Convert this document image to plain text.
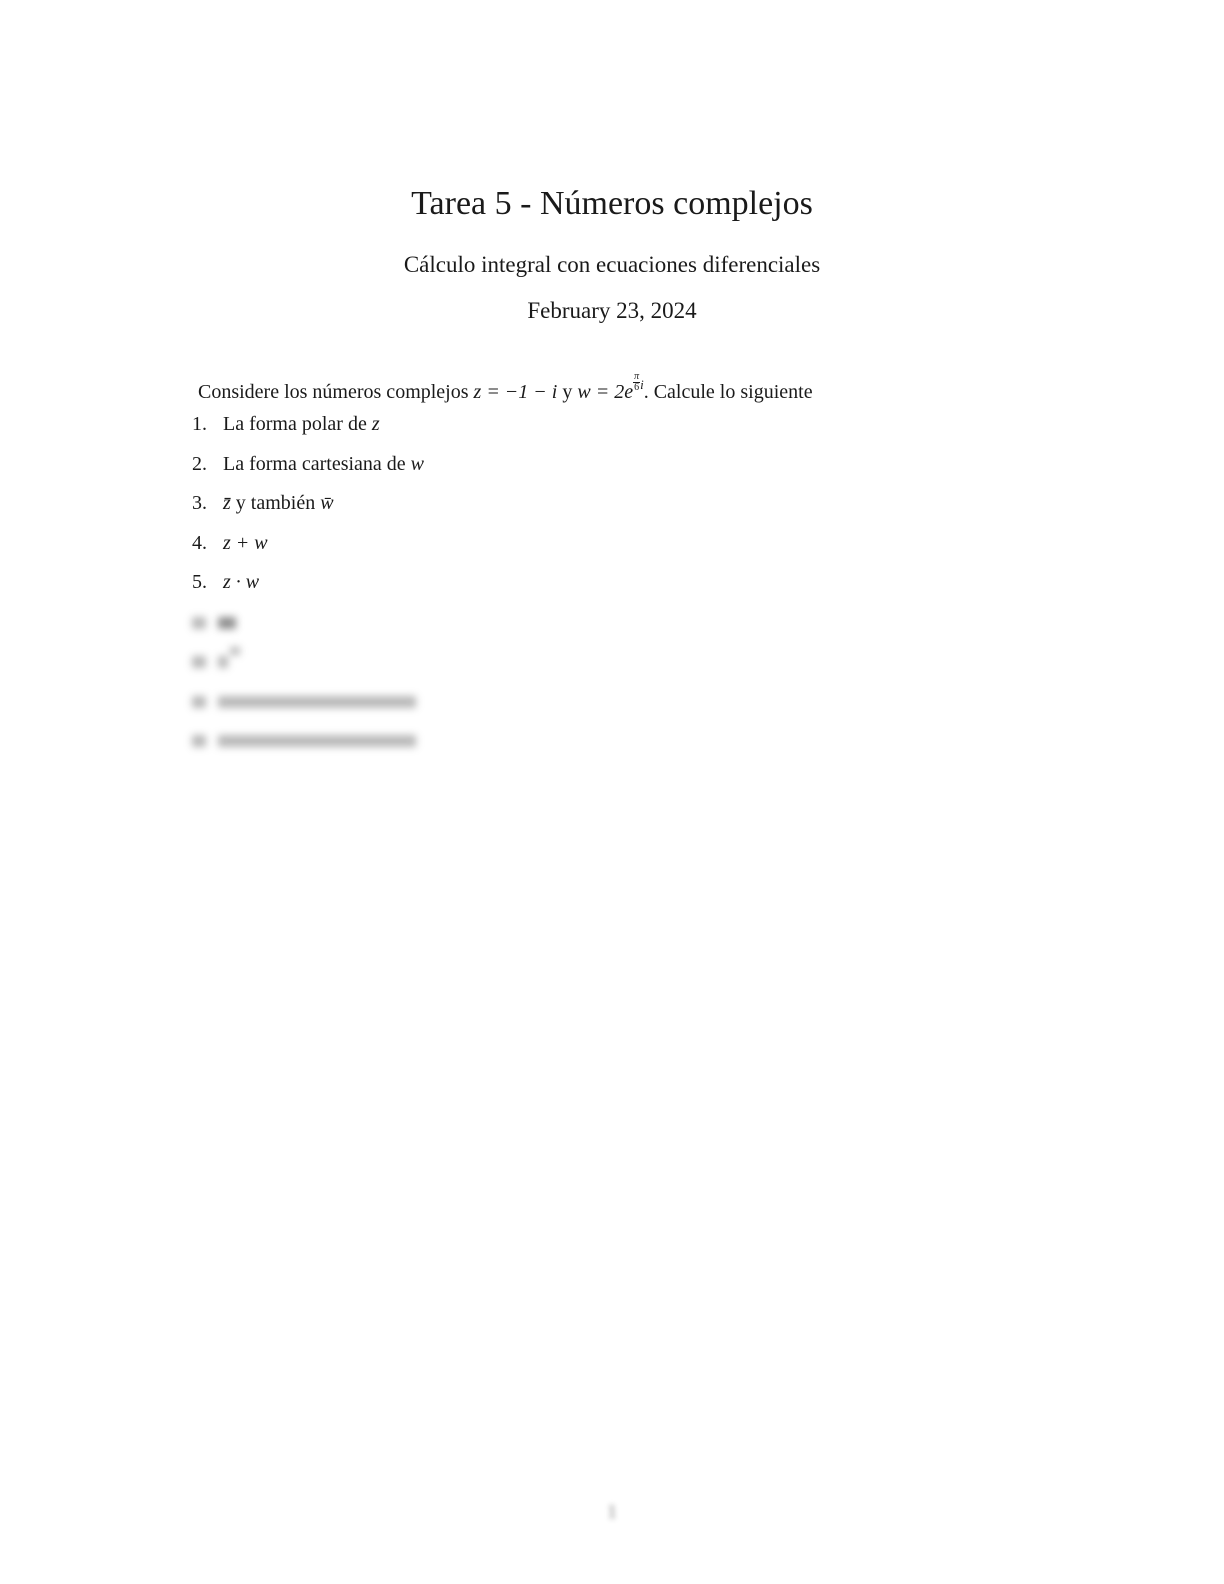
Tarea 5 - Números complejos
Cálculo integral con ecuaciones diferenciales
February 23, 2024
Considere los números complejos z = −1 − i y $w = 2e \frac{\pi}{6} ^i$. Calcule lo siguiente
1. La forma polar de z
2. La forma cartesiana de w
3. z̄ y también w̄
4. z + w
5. z · w
1
